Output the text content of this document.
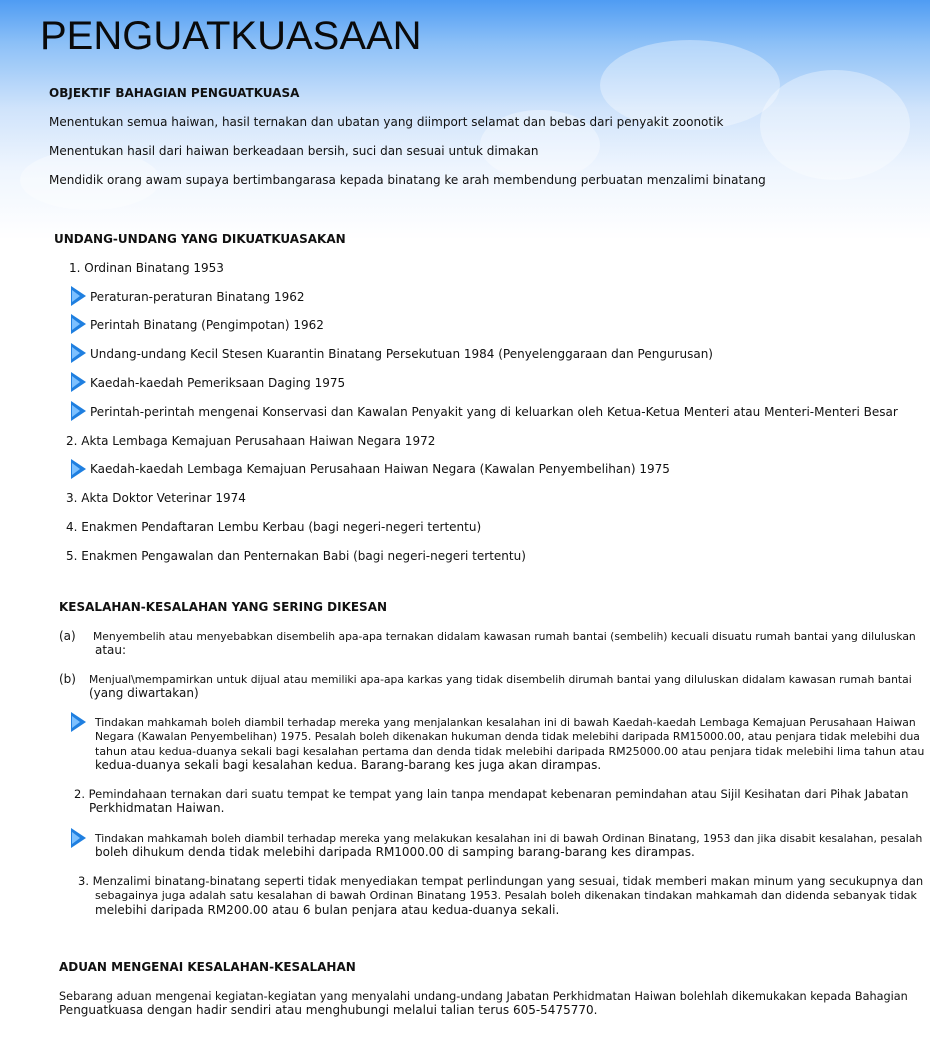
PENGUATKUASAAN

OBJEKTIF BAHAGIAN PENGUATKUASA

Menentukan semua haiwan, hasil ternakan dan ubatan yang diimport selamat dan bebas dari penyakit zoonotik

Menentukan hasil dari haiwan berkeadaan bersih, suci dan sesuai untuk dimakan

Mendidik orang awam supaya bertimbangarasa kepada binatang ke arah membendung perbuatan menzalimi binatang

UNDANG-UNDANG YANG DIKUATKUASAKAN

1. Ordinan Binatang 1953

Peraturan-peraturan Binatang 1962

Perintah Binatang (Pengimpotan) 1962

Undang-undang Kecil Stesen Kuarantin Binatang Persekutuan 1984 (Penyelenggaraan dan Pengurusan)

Kaedah-kaedah Pemeriksaan Daging 1975

Perintah-perintah mengenai Konservasi dan Kawalan Penyakit yang di keluarkan oleh Ketua-Ketua Menteri atau Menteri-Menteri Besar

2. Akta Lembaga Kemajuan Perusahaan Haiwan Negara 1972

Kaedah-kaedah Lembaga Kemajuan Perusahaan Haiwan Negara (Kawalan Penyembelihan) 1975

3. Akta Doktor Veterinar 1974

4. Enakmen Pendaftaran Lembu Kerbau (bagi negeri-negeri tertentu)

5. Enakmen Pengawalan dan Penternakan Babi (bagi negeri-negeri tertentu)

KESALAHAN-KESALAHAN YANG SERING DIKESAN

(a) Menyembelih atau menyebabkan disembelih apa-apa ternakan didalam kawasan rumah bantai (sembelih) kecuali disuatu rumah bantai yang diluluskan

atau:

(b) Menjual\mempamirkan untuk dijual atau memiliki apa-apa karkas yang tidak disembelih dirumah bantai yang diluluskan didalam kawasan rumah bantai

(yang diwartakan)

Tindakan mahkamah boleh diambil terhadap mereka yang menjalankan kesalahan ini di bawah Kaedah-kaedah Lembaga Kemajuan Perusahaan Haiwan

Negara (Kawalan Penyembelihan) 1975. Pesalah boleh dikenakan hukuman denda tidak melebihi daripada RM15000.00, atau penjara tidak melebihi dua

tahun atau kedua-duanya sekali bagi kesalahan pertama dan denda tidak melebihi daripada RM25000.00 atau penjara tidak melebihi lima tahun atau

kedua-duanya sekali bagi kesalahan kedua. Barang-barang kes juga akan dirampas.

2. Pemindahaan ternakan dari suatu tempat ke tempat yang lain tanpa mendapat kebenaran pemindahan atau Sijil Kesihatan dari Pihak Jabatan

Perkhidmatan Haiwan.

Tindakan mahkamah boleh diambil terhadap mereka yang melakukan kesalahan ini di bawah Ordinan Binatang, 1953 dan jika disabit kesalahan, pesalah

boleh dihukum denda tidak melebihi daripada RM1000.00 di samping barang-barang kes dirampas.

3. Menzalimi binatang-binatang seperti tidak menyediakan tempat perlindungan yang sesuai, tidak memberi makan minum yang secukupnya dan

sebagainya juga adalah satu kesalahan di bawah Ordinan Binatang 1953. Pesalah boleh dikenakan tindakan mahkamah dan didenda sebanyak tidak

melebihi daripada RM200.00 atau 6 bulan penjara atau kedua-duanya sekali.

ADUAN MENGENAI KESALAHAN-KESALAHAN

Sebarang aduan mengenai kegiatan-kegiatan yang menyalahi undang-undang Jabatan Perkhidmatan Haiwan bolehlah dikemukakan kepada Bahagian

Penguatkuasa dengan hadir sendiri atau menghubungi melalui talian terus 605-5475770.
